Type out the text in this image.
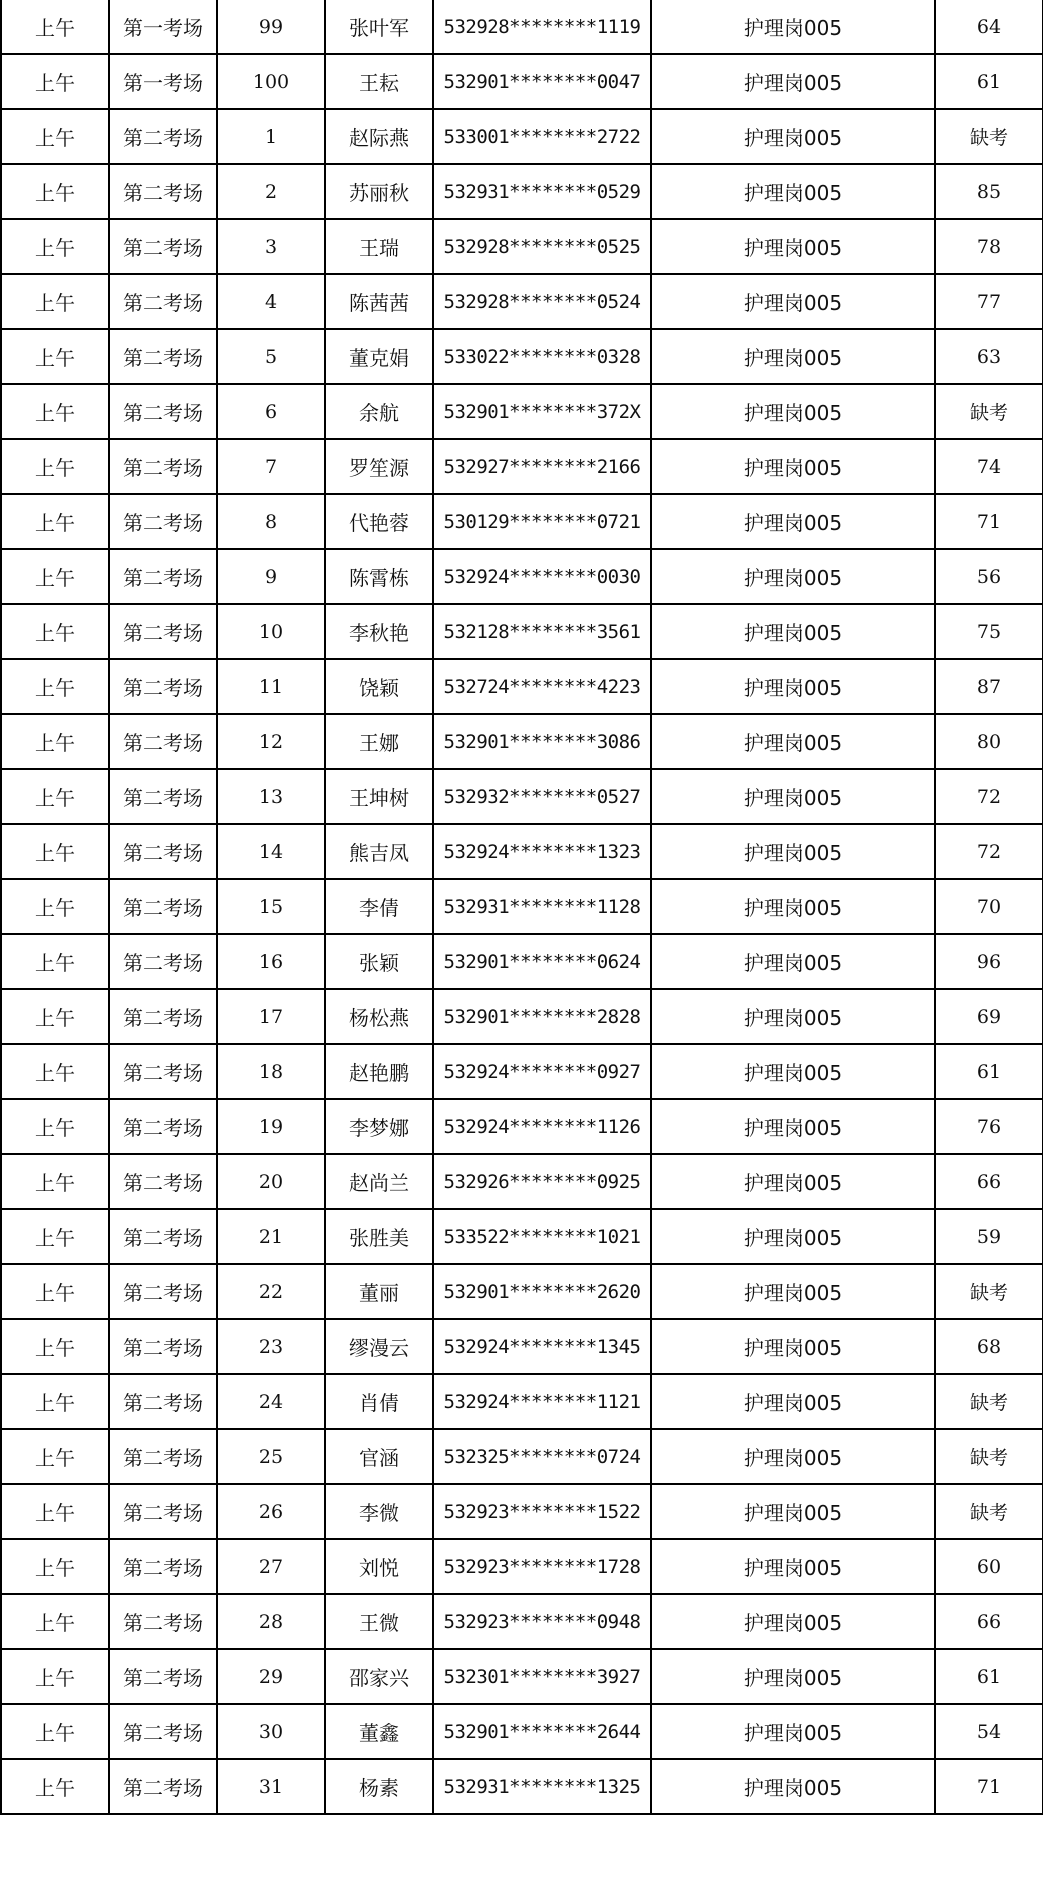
上午	第一考场	99	张叶军	532928********1119	护理岗005	64
上午	第一考场	100	王耘	532901********0047	护理岗005	61
上午	第二考场	1	赵际燕	533001********2722	护理岗005	缺考
上午	第二考场	2	苏丽秋	532931********0529	护理岗005	85
上午	第二考场	3	王瑞	532928********0525	护理岗005	78
上午	第二考场	4	陈茜茜	532928********0524	护理岗005	77
上午	第二考场	5	董克娟	533022********0328	护理岗005	63
上午	第二考场	6	余航	532901********372X	护理岗005	缺考
上午	第二考场	7	罗笙源	532927********2166	护理岗005	74
上午	第二考场	8	代艳蓉	530129********0721	护理岗005	71
上午	第二考场	9	陈霄栋	532924********0030	护理岗005	56
上午	第二考场	10	李秋艳	532128********3561	护理岗005	75
上午	第二考场	11	饶颖	532724********4223	护理岗005	87
上午	第二考场	12	王娜	532901********3086	护理岗005	80
上午	第二考场	13	王坤树	532932********0527	护理岗005	72
上午	第二考场	14	熊吉凤	532924********1323	护理岗005	72
上午	第二考场	15	李倩	532931********1128	护理岗005	70
上午	第二考场	16	张颖	532901********0624	护理岗005	96
上午	第二考场	17	杨松燕	532901********2828	护理岗005	69
上午	第二考场	18	赵艳鹏	532924********0927	护理岗005	61
上午	第二考场	19	李梦娜	532924********1126	护理岗005	76
上午	第二考场	20	赵尚兰	532926********0925	护理岗005	66
上午	第二考场	21	张胜美	533522********1021	护理岗005	59
上午	第二考场	22	董丽	532901********2620	护理岗005	缺考
上午	第二考场	23	缪漫云	532924********1345	护理岗005	68
上午	第二考场	24	肖倩	532924********1121	护理岗005	缺考
上午	第二考场	25	官涵	532325********0724	护理岗005	缺考
上午	第二考场	26	李微	532923********1522	护理岗005	缺考
上午	第二考场	27	刘悦	532923********1728	护理岗005	60
上午	第二考场	28	王微	532923********0948	护理岗005	66
上午	第二考场	29	邵家兴	532301********3927	护理岗005	61
上午	第二考场	30	董鑫	532901********2644	护理岗005	54
上午	第二考场	31	杨素	532931********1325	护理岗005	71
